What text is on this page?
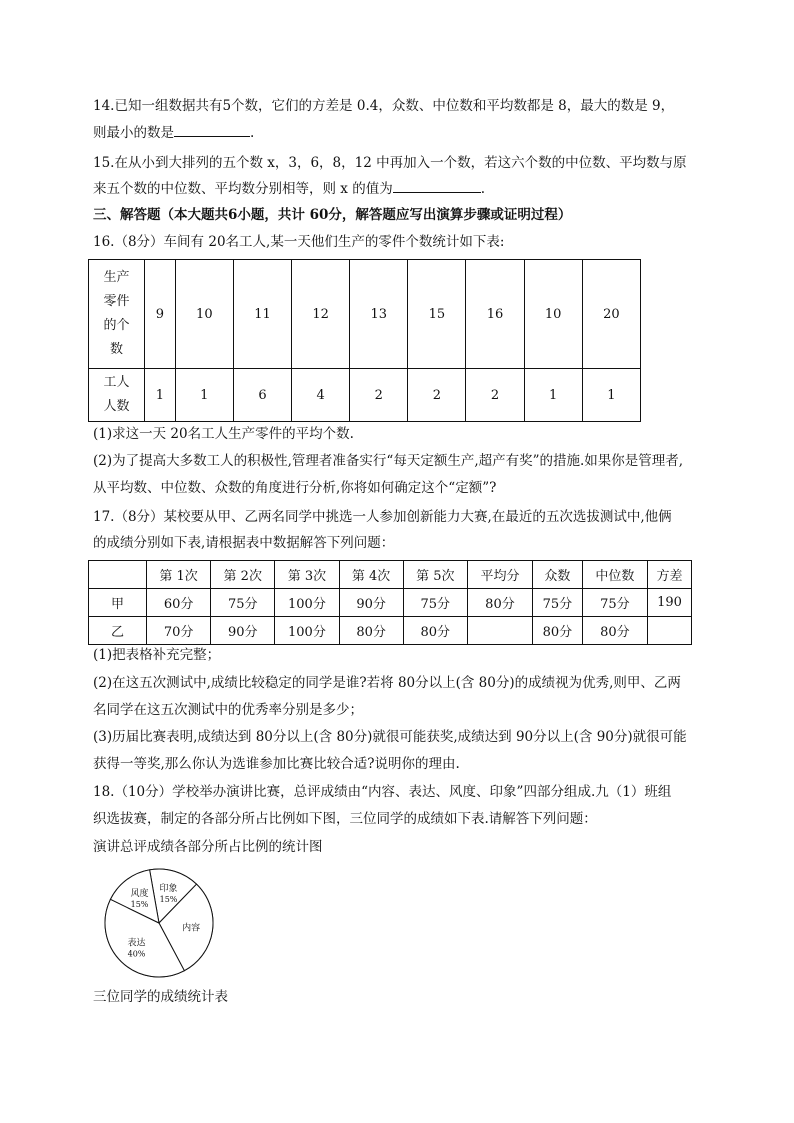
14.已知一组数据共有5个数，它们的方差是 0.4，众数、中位数和平均数都是 8，最大的数是 9，
则最小的数是	.
15.在从小到大排列的五个数 x，3，6，8，12 中再加入一个数，若这六个数的中位数、平均数与原
来五个数的中位数、平均数分别相等，则 x 的值为	.
三、解答题（本大题共6小题，共计 60分，解答题应写出演算步骤或证明过程）
16.（8分）车间有 20名工人,某一天他们生产的零件个数统计如下表:
生产
零件
的个
数	9	10	11	12	13	15	16	10	20

工人
人数	1	1	6	4	2	2	2	1	1
(1)求这一天 20名工人生产零件的平均个数.
(2)为了提高大多数工人的积极性,管理者准备实行“每天定额生产,超产有奖”的措施.如果你是管理者,
从平均数、中位数、众数的角度进行分析,你将如何确定这个“定额”?
17.（8分）某校要从甲、乙两名同学中挑选一人参加创新能力大赛,在最近的五次选拔测试中,他俩
的成绩分别如下表,请根据表中数据解答下列问题：
	第 1次	第 2次	第 3次	第 4次	第 5次	平均分	众数	中位数	方差
甲	60分	75分	100分	90分	75分	80分	75分	75分	190
乙	70分	90分	100分	80分	80分		80分	80分	
(1)把表格补充完整；
(2)在这五次测试中,成绩比较稳定的同学是谁?若将 80分以上(含 80分)的成绩视为优秀,则甲、乙两
名同学在这五次测试中的优秀率分别是多少；
(3)历届比赛表明,成绩达到 80分以上(含 80分)就很可能获奖,成绩达到 90分以上(含 90分)就很可能
获得一等奖,那么你认为选谁参加比赛比较合适?说明你的理由.
18.（10分）学校举办演讲比赛，总评成绩由“内容、表达、风度、印象”四部分组成.九（1）班组
织选拔赛，制定的各部分所占比例如下图，三位同学的成绩如下表.请解答下列问题：
演讲总评成绩各部分所占比例的统计图
印象
15%
内容
表达
40%
风度
15%
三位同学的成绩统计表
